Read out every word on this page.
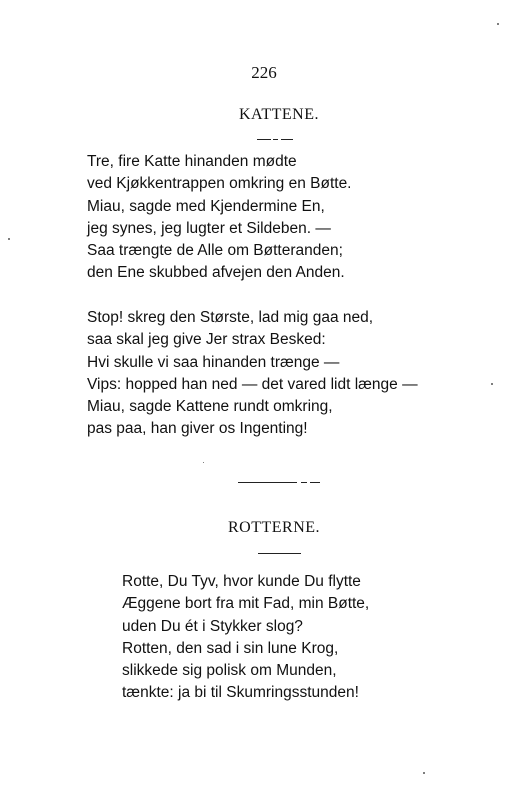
226
KATTENE.
Tre, fire Katte hinanden mødte
ved Kjøkkentrappen omkring en Bøtte.
Miau, sagde med Kjendermine En,
jeg synes, jeg lugter et Sildeben. —
Saa trængte de Alle om Bøtteranden;
den Ene skubbed afvejen den Anden.
Stop! skreg den Største, lad mig gaa ned,
saa skal jeg give Jer strax Besked:
Hvi skulle vi saa hinanden trænge —
Vips: hopped han ned — det vared lidt længe —
Miau, sagde Kattene rundt omkring,
pas paa, han giver os Ingenting!
ROTTERNE.
Rotte, Du Tyv, hvor kunde Du flytte
Æggene bort fra mit Fad, min Bøtte,
uden Du ét i Stykker slog?
Rotten, den sad i sin lune Krog,
slikkede sig polisk om Munden,
tænkte: ja bi til Skumringsstunden!
